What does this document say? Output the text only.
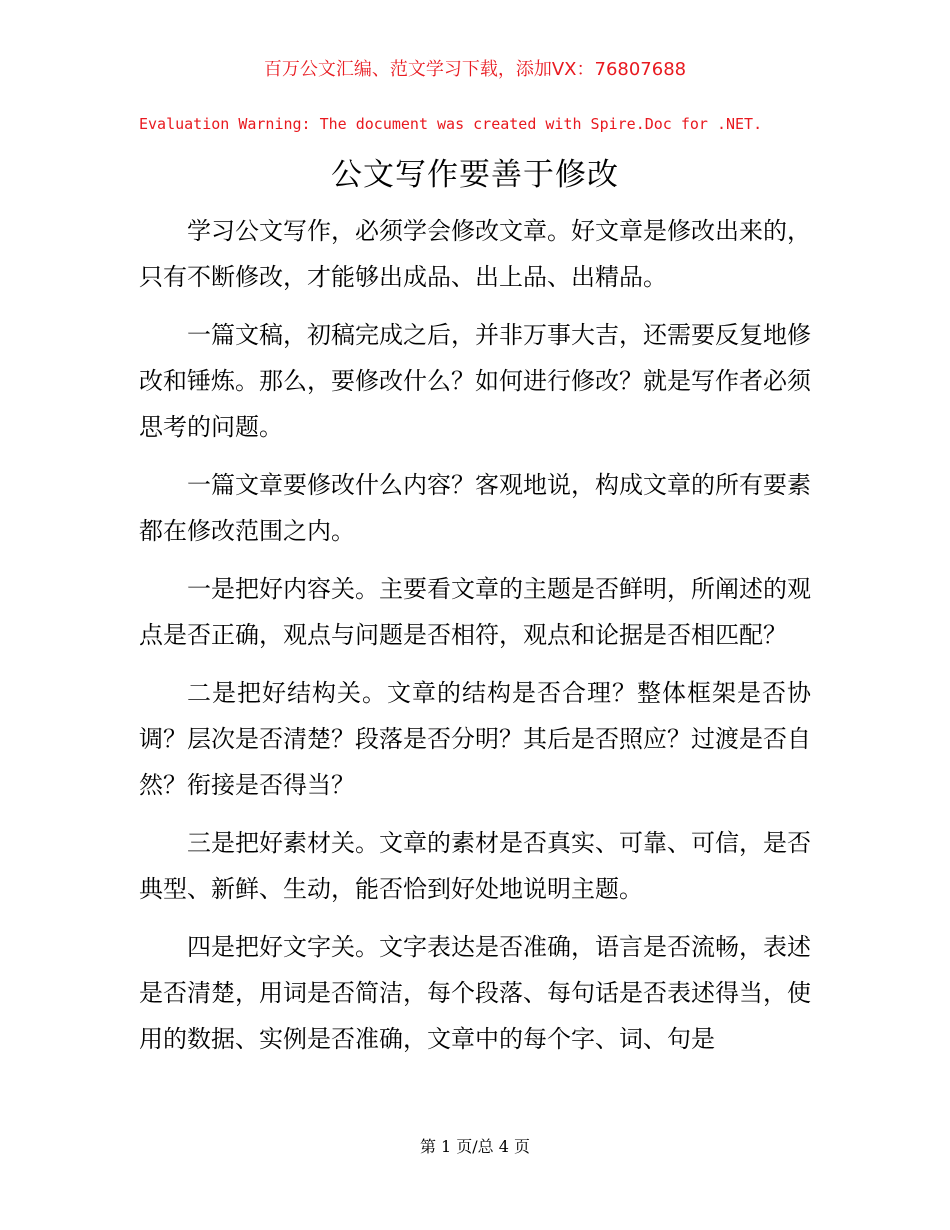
百万公文汇编、范文学习下载，添加VX：76807688
Evaluation Warning: The document was created with Spire.Doc for .NET.
公文写作要善于修改

学习公文写作，必须学会修改文章。好文章是修改出来的，只有不断修改，才能够出成品、出上品、出精品。

一篇文稿，初稿完成之后，并非万事大吉，还需要反复地修改和锤炼。那么，要修改什么？如何进行修改？就是写作者必须思考的问题。

一篇文章要修改什么内容？客观地说，构成文章的所有要素都在修改范围之内。

一是把好内容关。主要看文章的主题是否鲜明，所阐述的观点是否正确，观点与问题是否相符，观点和论据是否相匹配？

二是把好结构关。文章的结构是否合理？整体框架是否协调？层次是否清楚？段落是否分明？其后是否照应？过渡是否自然？衔接是否得当？

三是把好素材关。文章的素材是否真实、可靠、可信，是否典型、新鲜、生动，能否恰到好处地说明主题。

四是把好文字关。文字表达是否准确，语言是否流畅，表述是否清楚，用词是否简洁，每个段落、每句话是否表述得当，使用的数据、实例是否准确，文章中的每个字、词、句是

第 1 页/总 4 页
